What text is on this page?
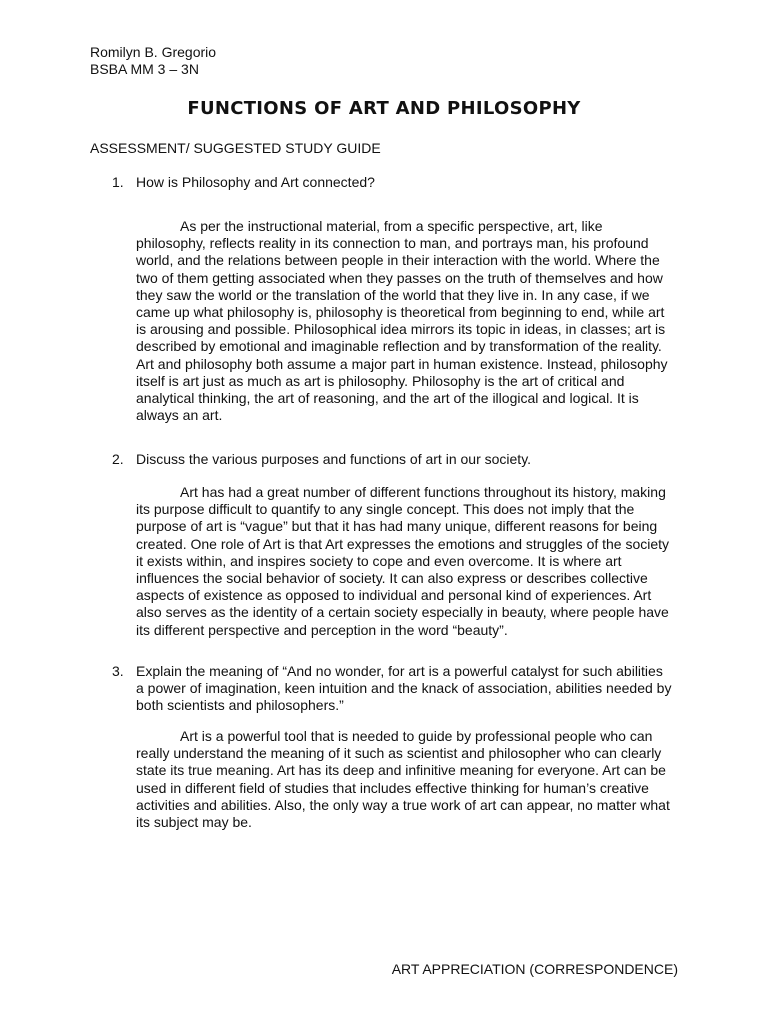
Romilyn B. Gregorio
BSBA MM 3 – 3N
FUNCTIONS OF ART AND PHILOSOPHY
ASSESSMENT/ SUGGESTED STUDY GUIDE
1. How is Philosophy and Art connected?
As per the instructional material, from a specific perspective, art, like philosophy, reflects reality in its connection to man, and portrays man, his profound world, and the relations between people in their interaction with the world. Where the two of them getting associated when they passes on the truth of themselves and how they saw the world or the translation of the world that they live in. In any case, if we came up what philosophy is, philosophy is theoretical from beginning to end, while art is arousing and possible. Philosophical idea mirrors its topic in ideas, in classes; art is described by emotional and imaginable reflection and by transformation of the reality. Art and philosophy both assume a major part in human existence. Instead, philosophy itself is art just as much as art is philosophy. Philosophy is the art of critical and analytical thinking, the art of reasoning, and the art of the illogical and logical. It is always an art.
2. Discuss the various purposes and functions of art in our society.
Art has had a great number of different functions throughout its history, making its purpose difficult to quantify to any single concept. This does not imply that the purpose of art is “vague” but that it has had many unique, different reasons for being created. One role of Art is that Art expresses the emotions and struggles of the society it exists within, and inspires society to cope and even overcome. It is where art influences the social behavior of society. It can also express or describes collective aspects of existence as opposed to individual and personal kind of experiences. Art also serves as the identity of a certain society especially in beauty, where people have its different perspective and perception in the word “beauty”.
3. Explain the meaning of “And no wonder, for art is a powerful catalyst for such abilities a power of imagination, keen intuition and the knack of association, abilities needed by both scientists and philosophers.”
Art is a powerful tool that is needed to guide by professional people who can really understand the meaning of it such as scientist and philosopher who can clearly state its true meaning. Art has its deep and infinitive meaning for everyone. Art can be used in different field of studies that includes effective thinking for human’s creative activities and abilities. Also, the only way a true work of art can appear, no matter what its subject may be.
ART APPRECIATION (CORRESPONDENCE)
